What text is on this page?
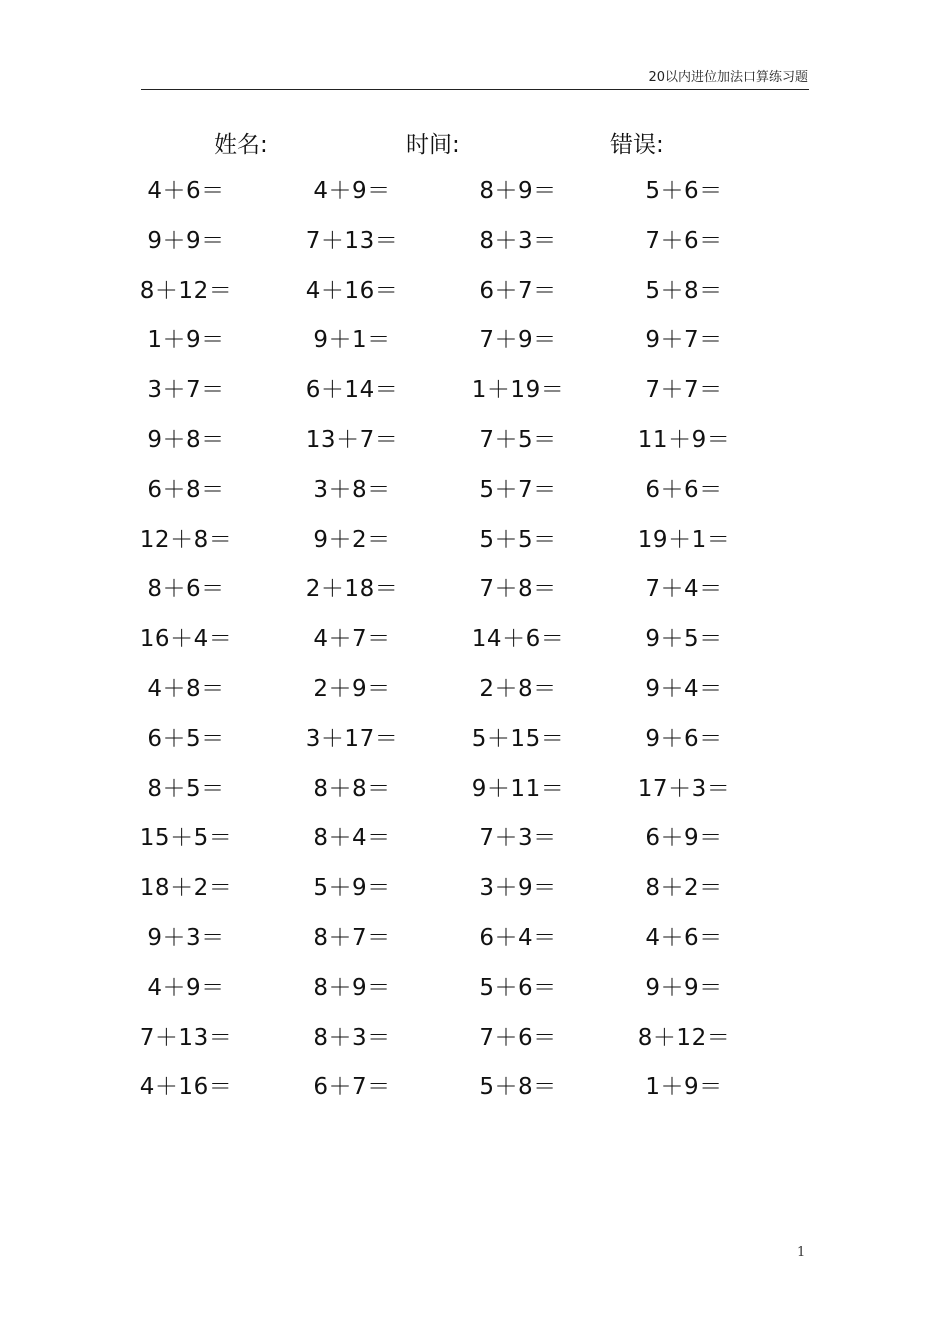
20以内进位加法口算练习题
姓名:	时间:	错误:
4＋6＝	4＋9＝	8＋9＝	5＋6＝
9＋9＝	7＋13＝	8＋3＝	7＋6＝
8＋12＝	4＋16＝	6＋7＝	5＋8＝
1＋9＝	9＋1＝	7＋9＝	9＋7＝
3＋7＝	6＋14＝	1＋19＝	7＋7＝
9＋8＝	13＋7＝	7＋5＝	11＋9＝
6＋8＝	3＋8＝	5＋7＝	6＋6＝
12＋8＝	9＋2＝	5＋5＝	19＋1＝
8＋6＝	2＋18＝	7＋8＝	7＋4＝
16＋4＝	4＋7＝	14＋6＝	9＋5＝
4＋8＝	2＋9＝	2＋8＝	9＋4＝
6＋5＝	3＋17＝	5＋15＝	9＋6＝
8＋5＝	8＋8＝	9＋11＝	17＋3＝
15＋5＝	8＋4＝	7＋3＝	6＋9＝
18＋2＝	5＋9＝	3＋9＝	8＋2＝
9＋3＝	8＋7＝	6＋4＝	4＋6＝
4＋9＝	8＋9＝	5＋6＝	9＋9＝
7＋13＝	8＋3＝	7＋6＝	8＋12＝
4＋16＝	6＋7＝	5＋8＝	1＋9＝
1
